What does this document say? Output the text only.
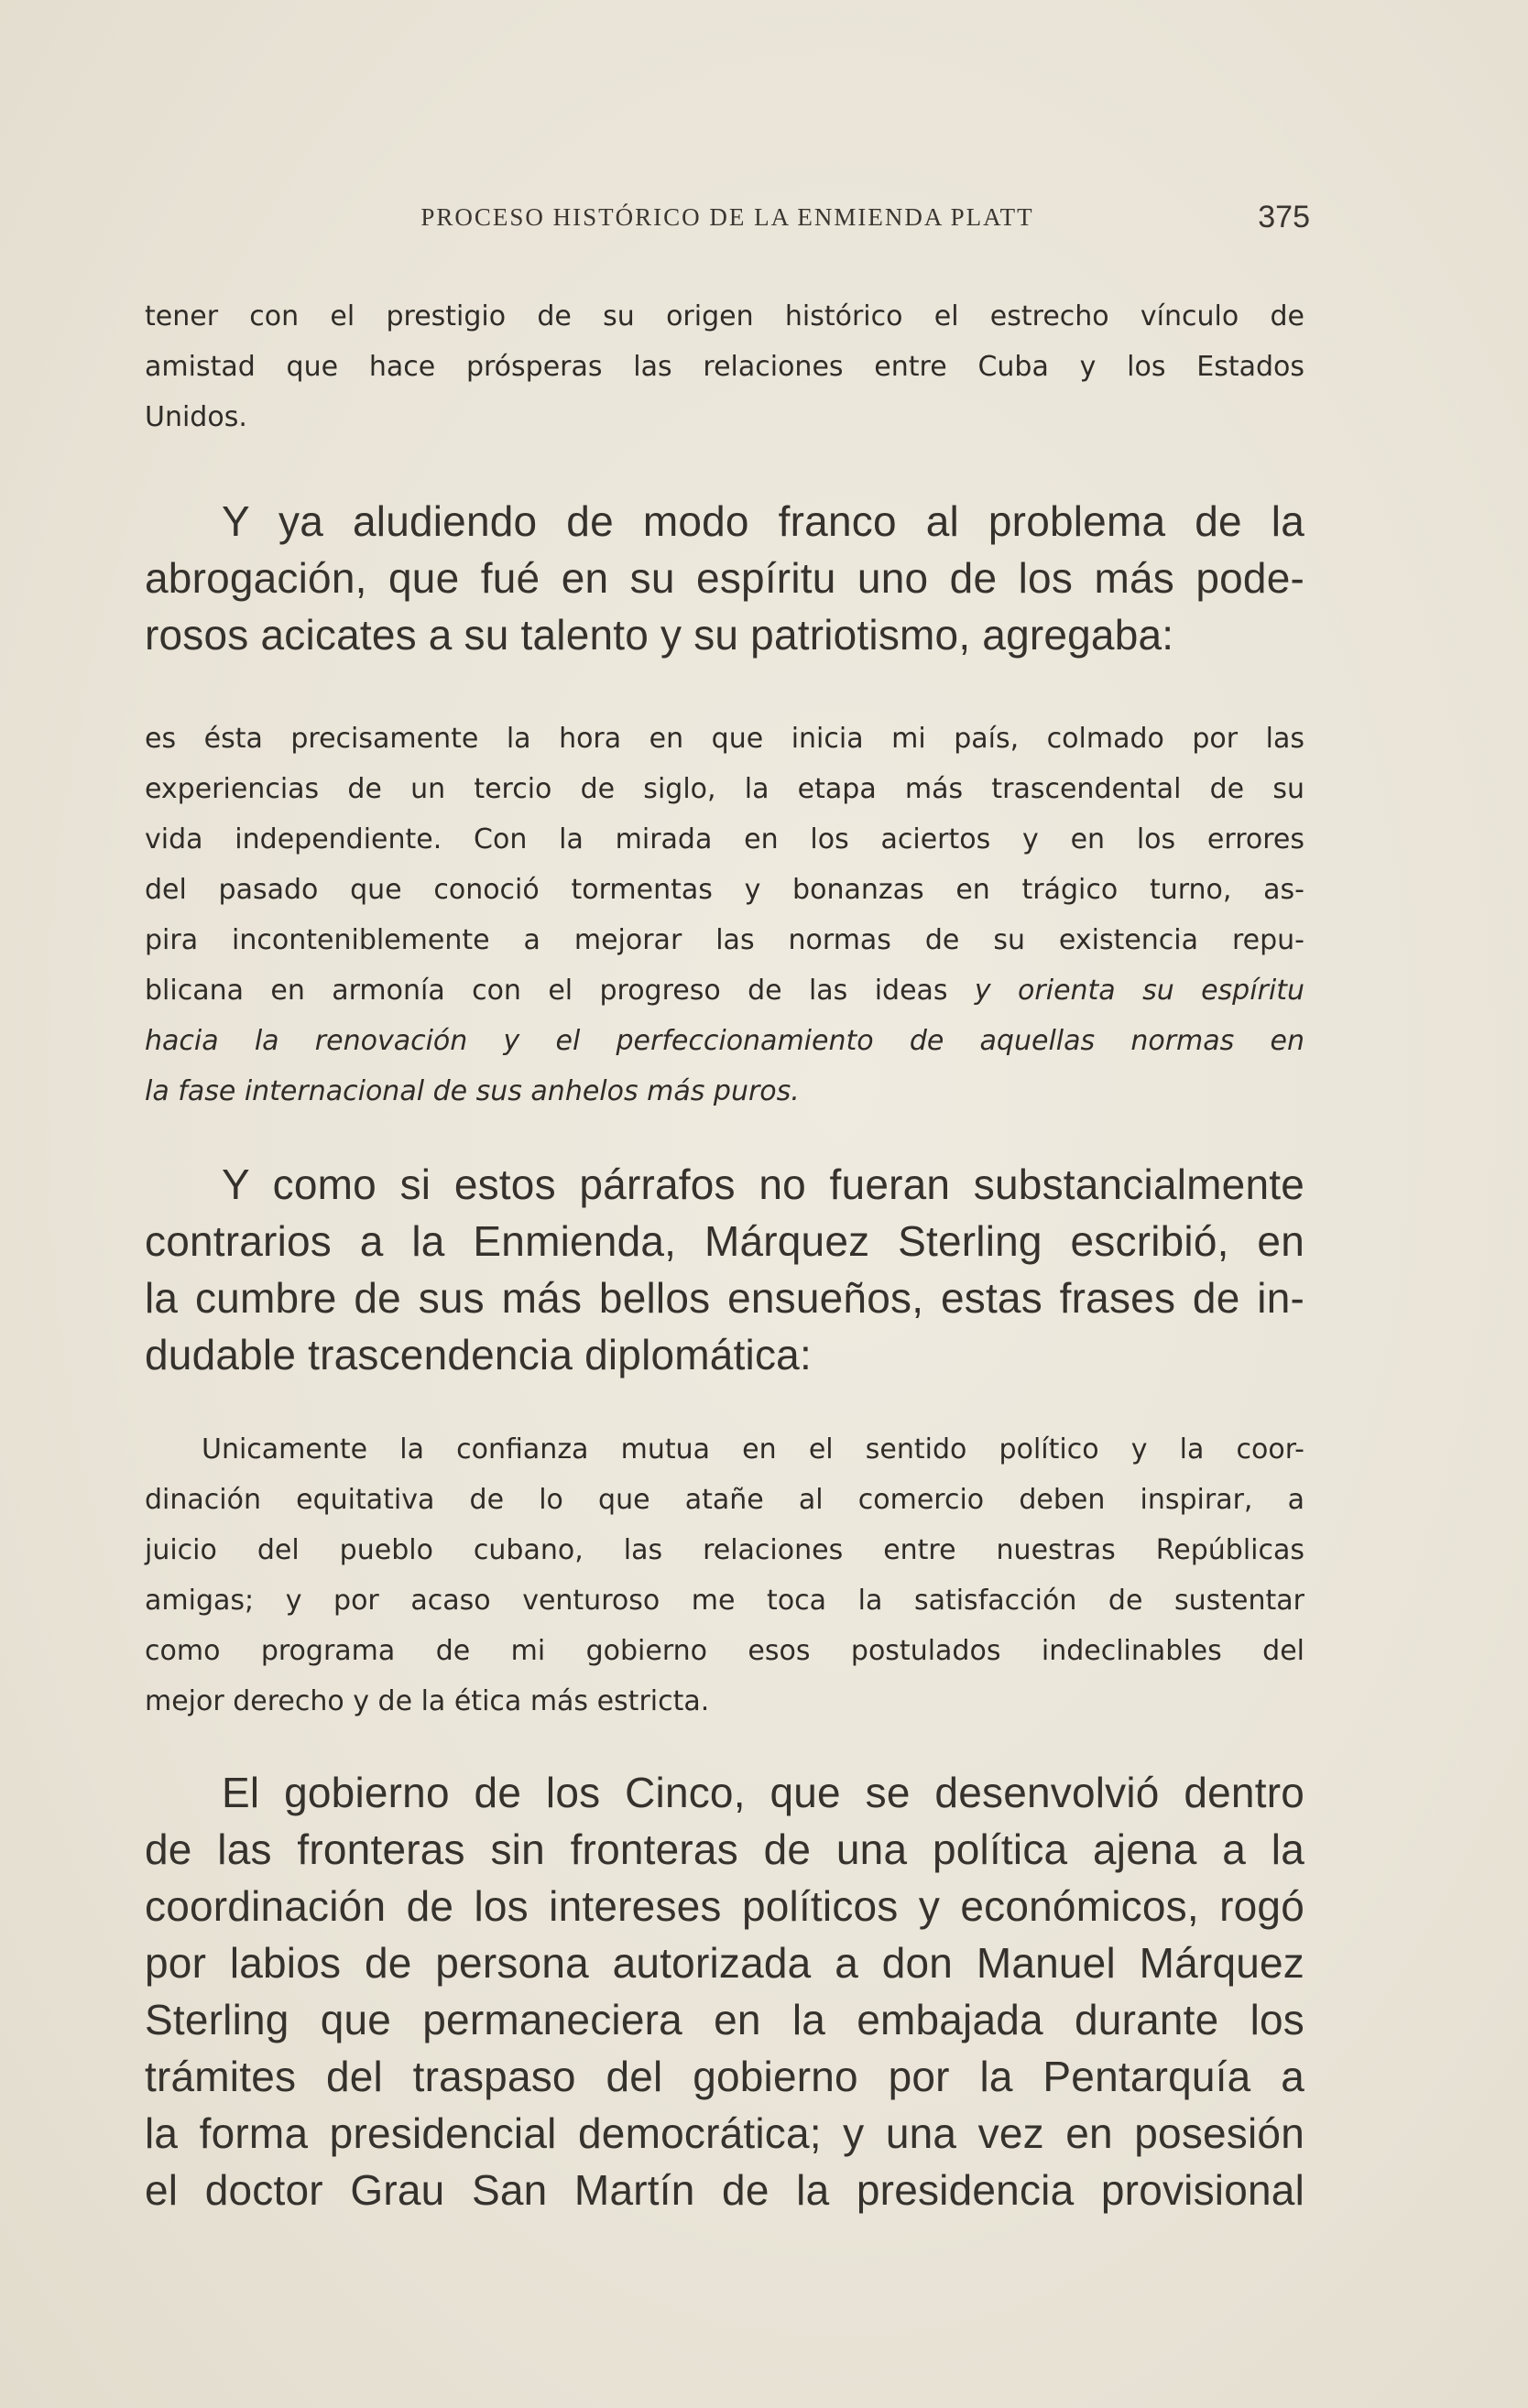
PROCESO HISTÓRICO DE LA ENMIENDA PLATT	375
tener con el prestigio de su origen histórico el estrecho vínculo de
amistad que hace prósperas las relaciones entre Cuba y los Estados
Unidos.
Y ya aludiendo de modo franco al problema de la
abrogación, que fué en su espíritu uno de los más pode-
rosos acicates a su talento y su patriotismo, agregaba:
es ésta precisamente la hora en que inicia mi país, colmado por las
experiencias de un tercio de siglo, la etapa más trascendental de su
vida independiente. Con la mirada en los aciertos y en los errores
del pasado que conoció tormentas y bonanzas en trágico turno, as-
pira inconteniblemente a mejorar las normas de su existencia repu-
blicana en armonía con el progreso de las ideas y orienta su espíritu
hacia la renovación y el perfeccionamiento de aquellas normas en
la fase internacional de sus anhelos más puros.
Y como si estos párrafos no fueran substancialmente
contrarios a la Enmienda, Márquez Sterling escribió, en
la cumbre de sus más bellos ensueños, estas frases de in-
dudable trascendencia diplomática:
Unicamente la confianza mutua en el sentido político y la coor-
dinación equitativa de lo que atañe al comercio deben inspirar, a
juicio del pueblo cubano, las relaciones entre nuestras Repúblicas
amigas; y por acaso venturoso me toca la satisfacción de sustentar
como programa de mi gobierno esos postulados indeclinables del
mejor derecho y de la ética más estricta.
El gobierno de los Cinco, que se desenvolvió dentro
de las fronteras sin fronteras de una política ajena a la
coordinación de los intereses políticos y económicos, rogó
por labios de persona autorizada a don Manuel Márquez
Sterling que permaneciera en la embajada durante los
trámites del traspaso del gobierno por la Pentarquía a
la forma presidencial democrática; y una vez en posesión
el doctor Grau San Martín de la presidencia provisional
